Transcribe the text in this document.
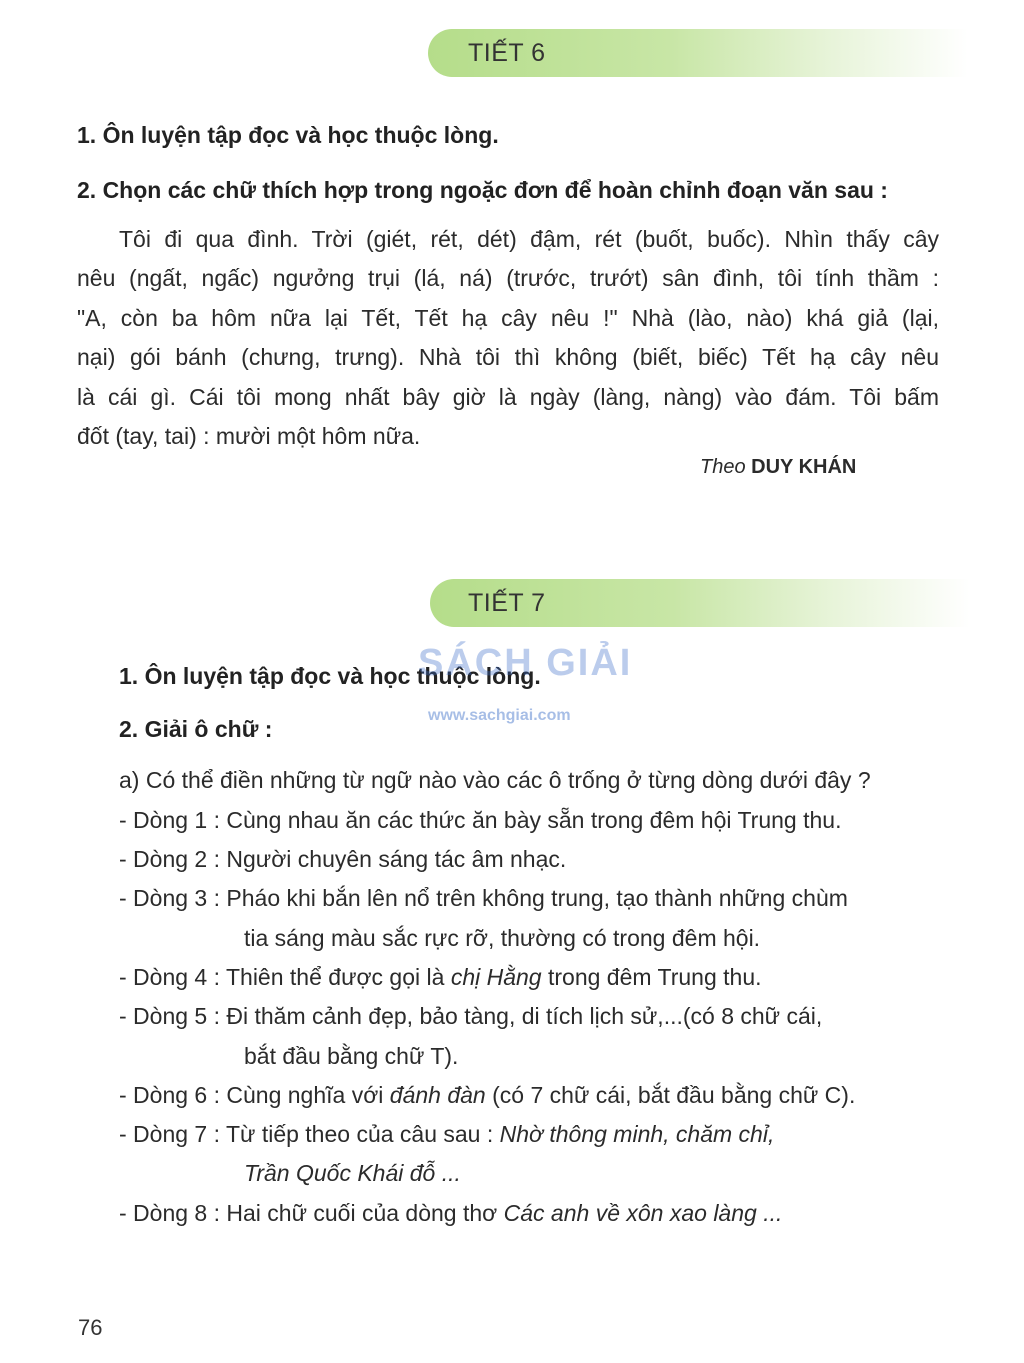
TIẾT 6
1. Ôn luyện tập đọc và học thuộc lòng.
2. Chọn các chữ thích hợp trong ngoặc đơn để hoàn chỉnh đoạn văn sau :
Tôi đi qua đình. Trời (giét, rét, dét) đậm, rét (buốt, buốc). Nhìn thấy cây
nêu (ngất, ngấc) ngưởng trụi (lá, ná) (trước, trướt) sân đình, tôi tính thầm :
"A, còn ba hôm nữa lại Tết, Tết hạ cây nêu !" Nhà (lào, nào) khá giả (lại,
nại) gói bánh (chưng, trưng). Nhà tôi thì không (biết, biếc) Tết hạ cây nêu
là cái gì. Cái tôi mong nhất bây giờ là ngày (làng, nàng) vào đám. Tôi bấm
đốt (tay, tai) : mười một hôm nữa.
Theo DUY KHÁN
TIẾT 7
1. Ôn luyện tập đọc và học thuộc lòng.
SÁCH GIẢI
www.sachgiai.com
2. Giải ô chữ :
a) Có thể điền những từ ngữ nào vào các ô trống ở từng dòng dưới đây ?
- Dòng 1 : Cùng nhau ăn các thức ăn bày sẵn trong đêm hội Trung thu.
- Dòng 2 : Người chuyên sáng tác âm nhạc.
- Dòng 3 : Pháo khi bắn lên nổ trên không trung, tạo thành những chùm
tia sáng màu sắc rực rỡ, thường có trong đêm hội.
- Dòng 4 : Thiên thể được gọi là chị Hằng trong đêm Trung thu.
- Dòng 5 : Đi thăm cảnh đẹp, bảo tàng, di tích lịch sử,...(có 8 chữ cái,
bắt đầu bằng chữ T).
- Dòng 6 : Cùng nghĩa với đánh đàn (có 7 chữ cái, bắt đầu bằng chữ C).
- Dòng 7 : Từ tiếp theo của câu sau : Nhờ thông minh, chăm chỉ,
Trần Quốc Khái đỗ ...
- Dòng 8 : Hai chữ cuối của dòng thơ Các anh về xôn xao làng ...
76
